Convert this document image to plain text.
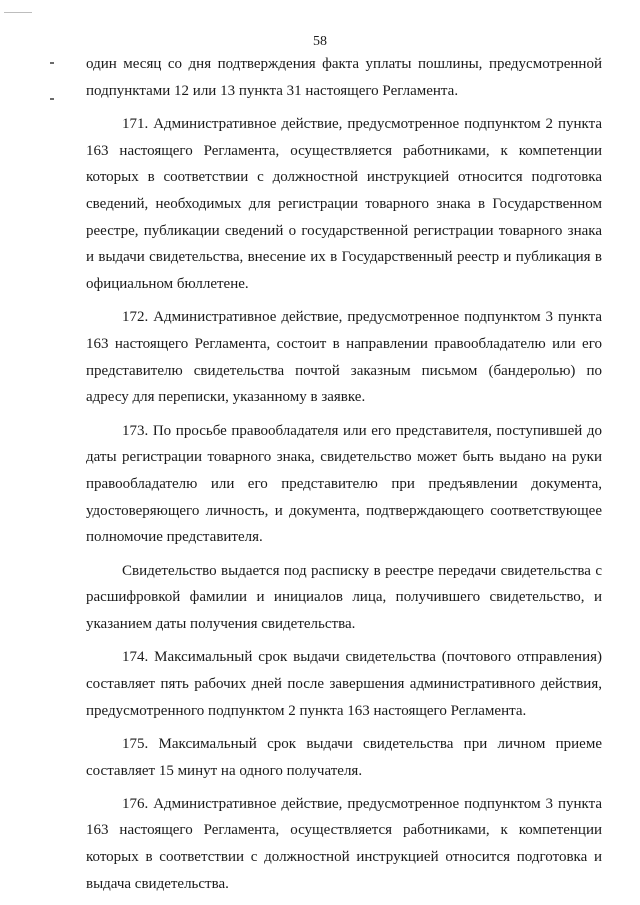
58

один месяц со дня подтверждения факта уплаты пошлины, предусмотренной подпунктами 12 или 13 пункта 31 настоящего Регламента.

171. Административное действие, предусмотренное подпунктом 2 пункта 163 настоящего Регламента, осуществляется работниками, к компетенции которых в соответствии с должностной инструкцией относится подготовка сведений, необходимых для регистрации товарного знака в Государственном реестре, публикации сведений о государственной регистрации товарного знака и выдачи свидетельства, внесение их в Государственный реестр и публикация в официальном бюллетене.

172. Административное действие, предусмотренное подпунктом 3 пункта 163 настоящего Регламента, состоит в направлении правообладателю или его представителю свидетельства почтой заказным письмом (бандеролью) по адресу для переписки, указанному в заявке.

173. По просьбе правообладателя или его представителя, поступившей до даты регистрации товарного знака, свидетельство может быть выдано на руки правообладателю или его представителю при предъявлении документа, удостоверяющего личность, и документа, подтверждающего соответствующее полномочие представителя.

Свидетельство выдается под расписку в реестре передачи свидетельства с расшифровкой фамилии и инициалов лица, получившего свидетельство, и указанием даты получения свидетельства.

174. Максимальный срок выдачи свидетельства (почтового отправления) составляет пять рабочих дней после завершения административного действия, предусмотренного подпунктом 2 пункта 163 настоящего Регламента.

175. Максимальный срок выдачи свидетельства при личном приеме составляет 15 минут на одного получателя.

176. Административное действие, предусмотренное подпунктом 3 пункта 163 настоящего Регламента, осуществляется работниками, к компетенции которых в соответствии с должностной инструкцией относится подготовка и выдача свидетельства.
